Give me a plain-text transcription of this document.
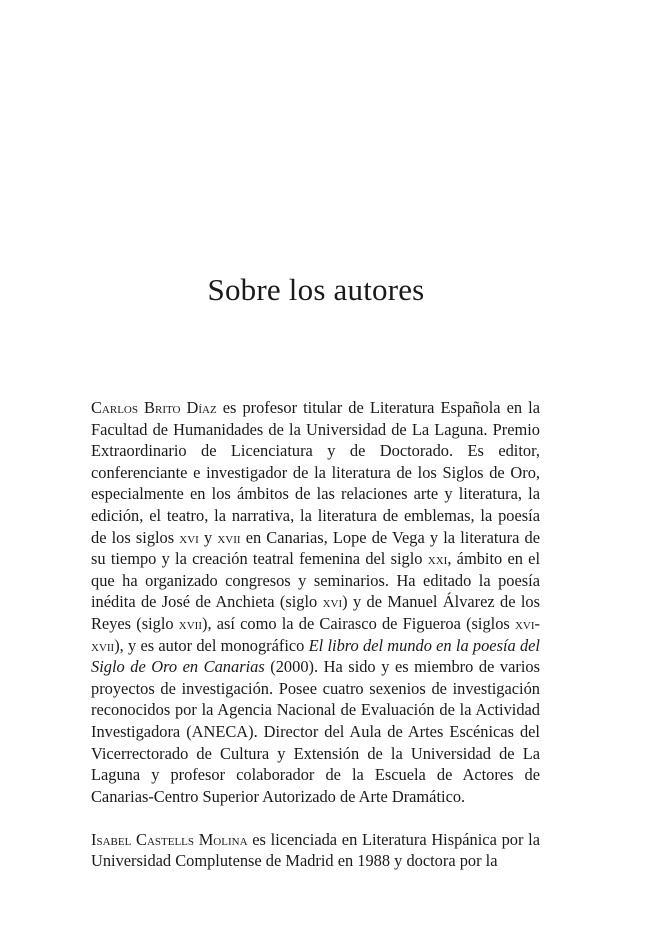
Sobre los autores

Carlos Brito Díaz es profesor titular de Literatura Española en la Facultad de Humanidades de la Universidad de La Laguna. Premio Extraordinario de Licenciatura y de Doctorado. Es editor, conferenciante e investigador de la literatura de los Siglos de Oro, especialmente en los ámbitos de las relaciones arte y literatura, la edición, el teatro, la narrativa, la literatura de emblemas, la poesía de los siglos xvi y xvii en Canarias, Lope de Vega y la literatura de su tiempo y la creación teatral femenina del siglo xxi, ámbito en el que ha organizado congresos y seminarios. Ha editado la poesía inédita de José de Anchieta (siglo xvi) y de Manuel Álvarez de los Reyes (siglo xvii), así como la de Cairasco de Figueroa (siglos xvi-xvii), y es autor del monográfico El libro del mundo en la poesía del Siglo de Oro en Canarias (2000). Ha sido y es miembro de varios proyectos de investigación. Posee cuatro sexenios de investigación reconocidos por la Agencia Nacional de Evaluación de la Actividad Investigadora (ANECA). Director del Aula de Artes Escénicas del Vicerrectorado de Cultura y Extensión de la Universidad de La Laguna y profesor colaborador de la Escuela de Actores de Canarias-Centro Superior Autorizado de Arte Dramático.

Isabel Castells Molina es licenciada en Literatura Hispánica por la Universidad Complutense de Madrid en 1988 y doctora por la
